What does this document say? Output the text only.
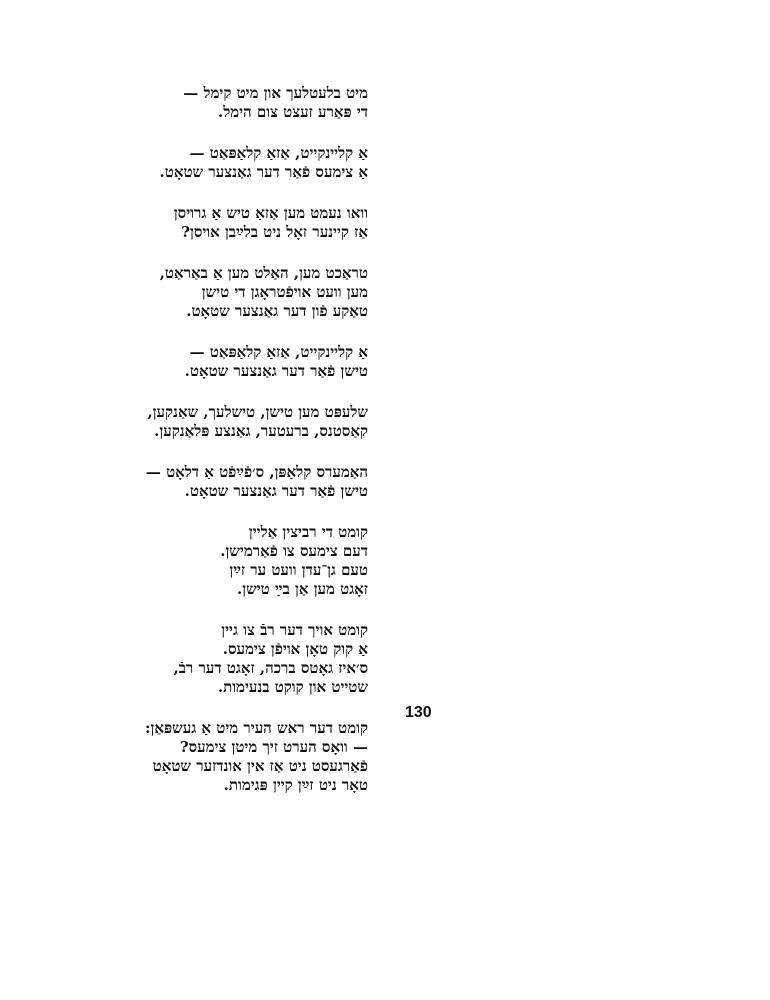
מיט בלעטלעך און מיט קימל —
די פּאַרע זעצט צום הימל.
אַ קליינקייט, אַזאַ קלאַפּאַט —
אַ צימעס פֿאַר דער גאַנצער שטאָט.
וואו נעמט מען אַזאַ טיש אַ גרויסן
אַז קיינער זאָל ניט בלײַבן אויסן?
טראַכט מען, האַלט מען אַ באַראַט,
מען וועט אויפֿטראָגן די טישן
טאַקע פֿון דער גאַנצער שטאָט.
אַ קליינקייט, אַזאַ קלאַפּאַט —
טישן פֿאַר דער גאַנצער שטאָט.
שלעפּט מען טישן, טישלעך, שאַנקען,
קאַסטנס, ברעטער, גאַנצע פּלאַנקען.
האַמערס קלאַפּן, ס׳פֿײַפֿט אַ דלאָט —
טישן פֿאַר דער גאַנצער שטאָט.
קומט די רביצין אַליין
דעם צימעס צו פֿאַרמישן.
טעם גן־עדן וועט ער זײַן
זאָגט מען אַן בײַ טישן.
קומט אויך דער רבֿ צו גיין
אַ קוק טאָן אויפֿן צימעס.
ס׳איז גאָטס ברכה, זאָגט דער רבֿ,
שטייט און קוקט בנעימות.
קומט דער ראש העיר מיט אַ געשפּאַן:
— וואָס הערט זיך מיטן צימעס?
פֿאַרגעסט ניט אַז אין אונדזער שטאָט
טאָר ניט זײַן קיין פּגימות.
130
